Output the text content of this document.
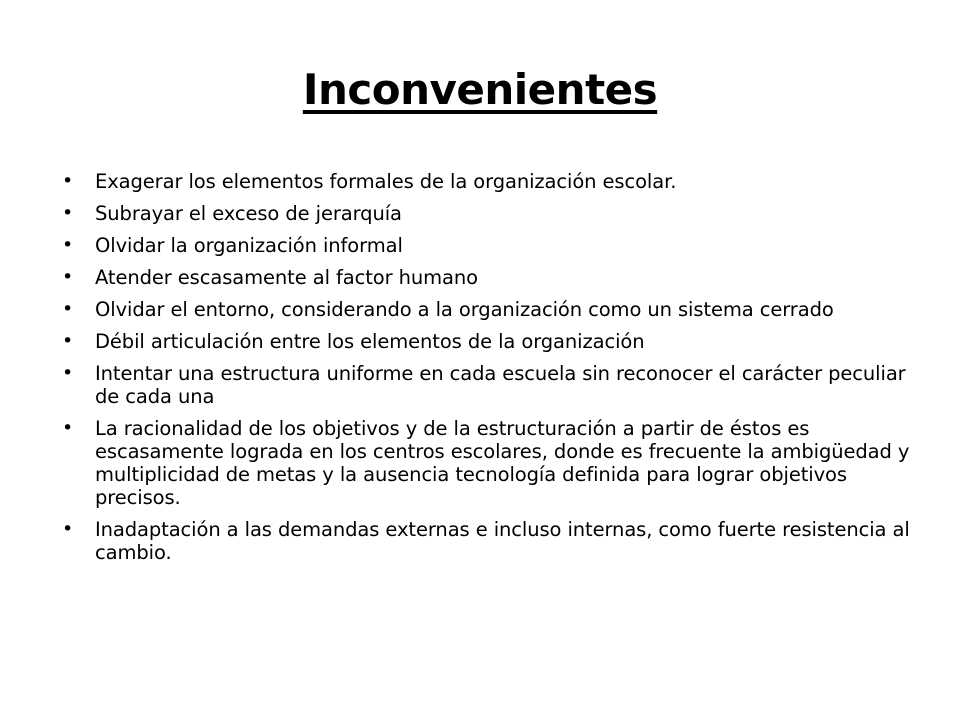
Inconvenientes
• Exagerar los elementos formales de la organización escolar.
• Subrayar el exceso de jerarquía
• Olvidar la organización informal
• Atender escasamente al factor humano
• Olvidar el entorno, considerando a la organización como un sistema cerrado
• Débil articulación entre los elementos de la organización
• Intentar una estructura uniforme en cada escuela sin reconocer el carácter peculiar de cada una
• La racionalidad de los objetivos y de la estructuración a partir de éstos es escasamente lograda en los centros escolares, donde es frecuente la ambigüedad y multiplicidad de metas y la ausencia tecnología definida para lograr objetivos precisos.
• Inadaptación a las demandas externas e incluso internas, como fuerte resistencia al cambio.
